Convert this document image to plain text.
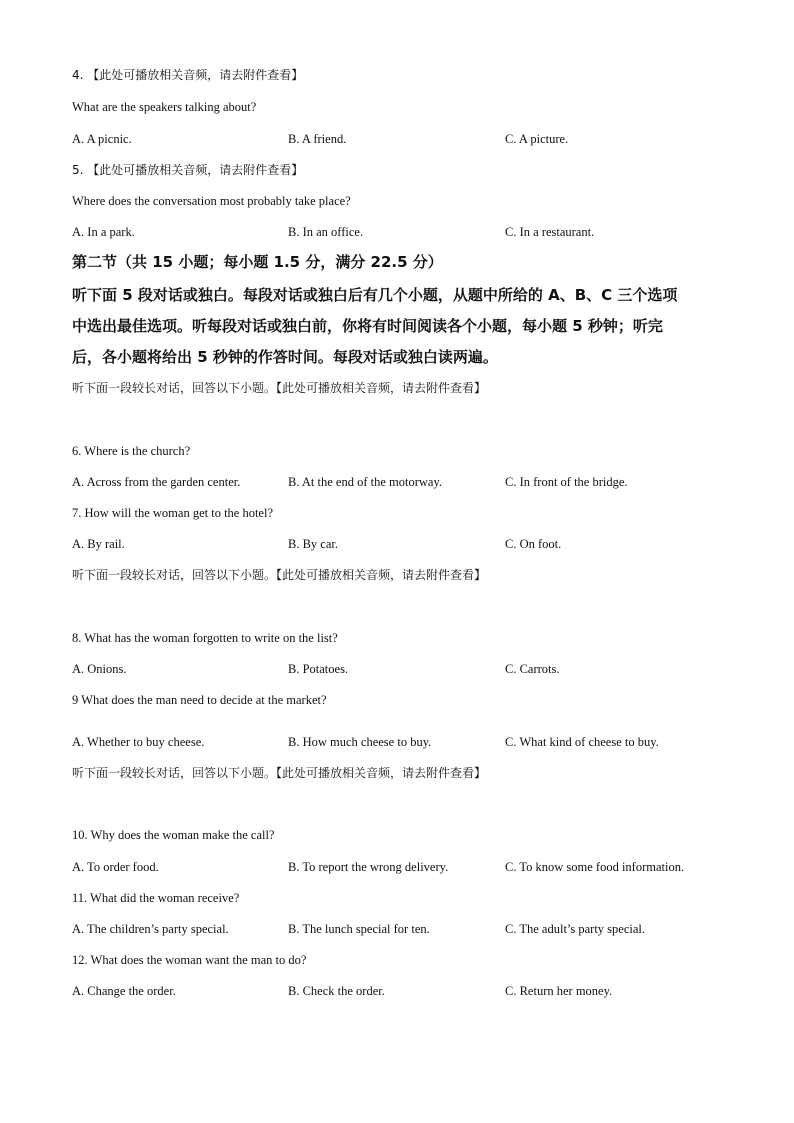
4. 【此处可播放相关音频，请去附件查看】
What are the speakers talking about?
A. A picnic.	B. A friend.	C. A picture.
5. 【此处可播放相关音频，请去附件查看】
Where does the conversation most probably take place?
A. In a park.	B. In an office.	C. In a restaurant.
第二节（共 15 小题；每小题 1.5 分，满分 22.5 分）
听下面 5 段对话或独白。每段对话或独白后有几个小题，从题中所给的 A、B、C 三个选项
中选出最佳选项。听每段对话或独白前，你将有时间阅读各个小题，每小题 5 秒钟；听完
后，各小题将给出 5 秒钟的作答时间。每段对话或独白读两遍。
听下面一段较长对话，回答以下小题。【此处可播放相关音频，请去附件查看】
6. Where is the church?
A. Across from the garden center.	B. At the end of the motorway.	C. In front of the bridge.
7. How will the woman get to the hotel?
A. By rail.	B. By car.	C. On foot.
听下面一段较长对话，回答以下小题。【此处可播放相关音频，请去附件查看】
8. What has the woman forgotten to write on the list?
A. Onions.	B. Potatoes.	C. Carrots.
9 What does the man need to decide at the market?
A. Whether to buy cheese.	B. How much cheese to buy.	C. What kind of cheese to buy.
听下面一段较长对话，回答以下小题。【此处可播放相关音频，请去附件查看】
10. Why does the woman make the call?
A. To order food.	B. To report the wrong delivery.	C. To know some food information.
11. What did the woman receive?
A. The children’s party special.	B. The lunch special for ten.	C. The adult’s party special.
12. What does the woman want the man to do?
A. Change the order.	B. Check the order.	C. Return her money.
